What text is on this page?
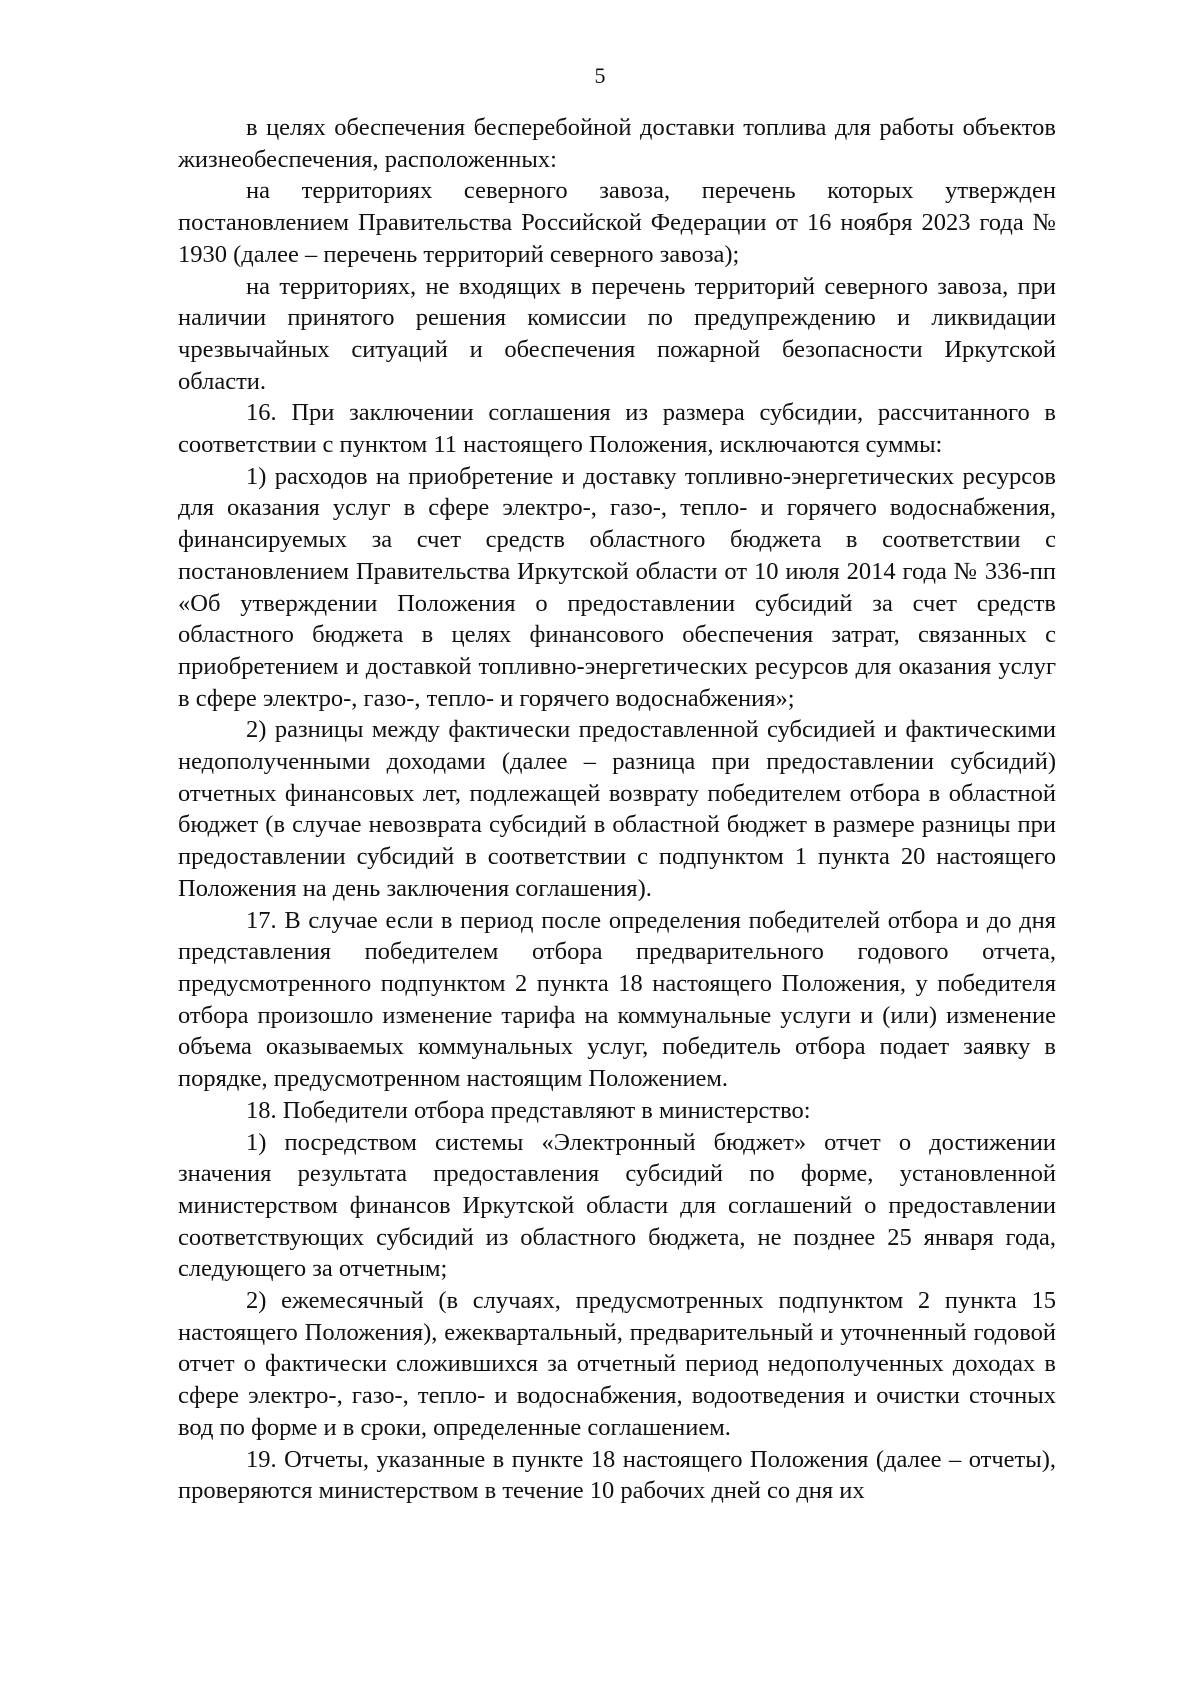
5

в целях обеспечения бесперебойной доставки топлива для работы объектов жизнеобеспечения, расположенных:

на территориях северного завоза, перечень которых утвержден постановлением Правительства Российской Федерации от 16 ноября 2023 года № 1930 (далее – перечень территорий северного завоза);

на территориях, не входящих в перечень территорий северного завоза, при наличии принятого решения комиссии по предупреждению и ликвидации чрезвычайных ситуаций и обеспечения пожарной безопасности Иркутской области.

16. При заключении соглашения из размера субсидии, рассчитанного в соответствии с пунктом 11 настоящего Положения, исключаются суммы:

1) расходов на приобретение и доставку топливно-энергетических ресурсов для оказания услуг в сфере электро-, газо-, тепло- и горячего водоснабжения, финансируемых за счет средств областного бюджета в соответствии с постановлением Правительства Иркутской области от 10 июля 2014 года № 336-пп «Об утверждении Положения о предоставлении субсидий за счет средств областного бюджета в целях финансового обеспечения затрат, связанных с приобретением и доставкой топливно-энергетических ресурсов для оказания услуг в сфере электро-, газо-, тепло- и горячего водоснабжения»;

2) разницы между фактически предоставленной субсидией и фактическими недополученными доходами (далее – разница при предоставлении субсидий) отчетных финансовых лет, подлежащей возврату победителем отбора в областной бюджет (в случае невозврата субсидий в областной бюджет в размере разницы при предоставлении субсидий в соответствии с подпунктом 1 пункта 20 настоящего Положения на день заключения соглашения).

17. В случае если в период после определения победителей отбора и до дня представления победителем отбора предварительного годового отчета, предусмотренного подпунктом 2 пункта 18 настоящего Положения, у победителя отбора произошло изменение тарифа на коммунальные услуги и (или) изменение объема оказываемых коммунальных услуг, победитель отбора подает заявку в порядке, предусмотренном настоящим Положением.

18. Победители отбора представляют в министерство:

1) посредством системы «Электронный бюджет» отчет о достижении значения результата предоставления субсидий по форме, установленной министерством финансов Иркутской области для соглашений о предоставлении соответствующих субсидий из областного бюджета, не позднее 25 января года, следующего за отчетным;

2) ежемесячный (в случаях, предусмотренных подпунктом 2 пункта 15 настоящего Положения), ежеквартальный, предварительный и уточненный годовой отчет о фактически сложившихся за отчетный период недополученных доходах в сфере электро-, газо-, тепло- и водоснабжения, водоотведения и очистки сточных вод по форме и в сроки, определенные соглашением.

19. Отчеты, указанные в пункте 18 настоящего Положения (далее – отчеты), проверяются министерством в течение 10 рабочих дней со дня их
